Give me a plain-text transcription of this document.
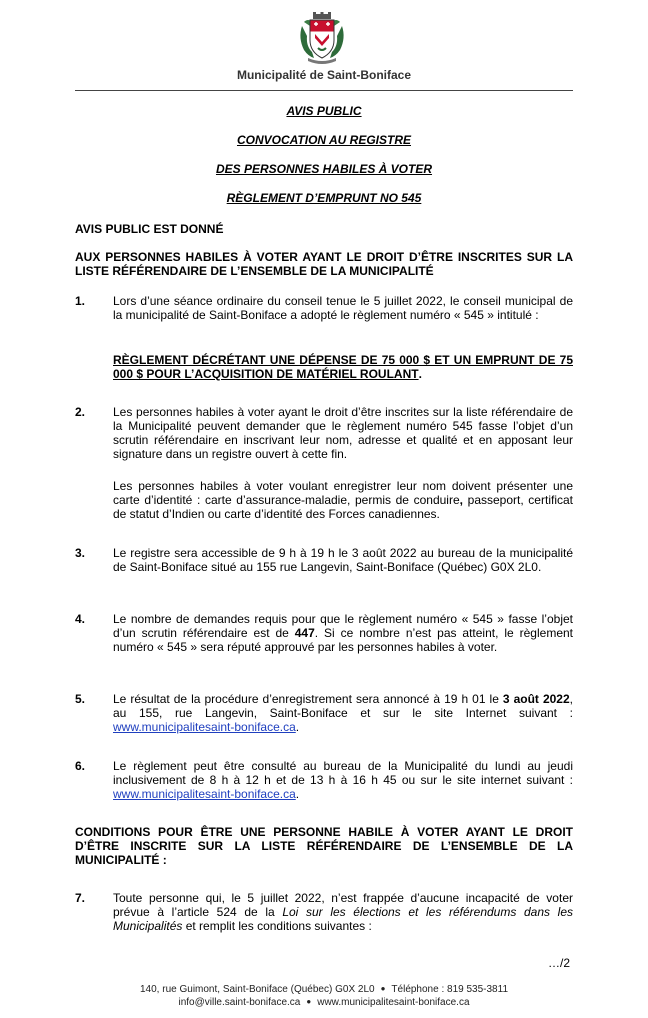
Municipalité de Saint-Boniface
AVIS PUBLIC
CONVOCATION AU REGISTRE
DES PERSONNES HABILES À VOTER
RÈGLEMENT D’EMPRUNT NO 545
AVIS PUBLIC EST DONNÉ
AUX PERSONNES HABILES À VOTER AYANT LE DROIT D’ÊTRE INSCRITES SUR LA LISTE RÉFÉRENDAIRE DE L’ENSEMBLE DE LA MUNICIPALITÉ
1. Lors d’une séance ordinaire du conseil tenue le 5 juillet 2022, le conseil municipal de la municipalité de Saint-Boniface a adopté le règlement numéro « 545 » intitulé :
RÈGLEMENT DÉCRÉTANT UNE DÉPENSE DE 75 000 $ ET UN EMPRUNT DE 75 000 $ POUR L’ACQUISITION DE MATÉRIEL ROULANT.
2. Les personnes habiles à voter ayant le droit d’être inscrites sur la liste référendaire de la Municipalité peuvent demander que le règlement numéro 545 fasse l’objet d’un scrutin référendaire en inscrivant leur nom, adresse et qualité et en apposant leur signature dans un registre ouvert à cette fin.
Les personnes habiles à voter voulant enregistrer leur nom doivent présenter une carte d’identité : carte d’assurance-maladie, permis de conduire, passeport, certificat de statut d’Indien ou carte d’identité des Forces canadiennes.
3. Le registre sera accessible de 9 h à 19 h le 3 août 2022 au bureau de la municipalité de Saint-Boniface situé au 155 rue Langevin, Saint-Boniface (Québec) G0X 2L0.
4. Le nombre de demandes requis pour que le règlement numéro « 545 » fasse l’objet d’un scrutin référendaire est de 447. Si ce nombre n’est pas atteint, le règlement numéro « 545 » sera réputé approuvé par les personnes habiles à voter.
5. Le résultat de la procédure d’enregistrement sera annoncé à 19 h 01 le 3 août 2022, au 155, rue Langevin, Saint-Boniface et sur le site Internet suivant : www.municipalitesaint-boniface.ca.
6. Le règlement peut être consulté au bureau de la Municipalité du lundi au jeudi inclusivement de 8 h à 12 h et de 13 h à 16 h 45 ou sur le site internet suivant : www.municipalitesaint-boniface.ca.
CONDITIONS POUR ÊTRE UNE PERSONNE HABILE À VOTER AYANT LE DROIT D’ÊTRE INSCRITE SUR LA LISTE RÉFÉRENDAIRE DE L’ENSEMBLE DE LA MUNICIPALITÉ :
7. Toute personne qui, le 5 juillet 2022, n’est frappée d’aucune incapacité de voter prévue à l’article 524 de la Loi sur les élections et les référendums dans les Municipalités et remplit les conditions suivantes :
…/2
140, rue Guimont, Saint-Boniface (Québec) G0X 2L0 ● Téléphone : 819 535-3811
info@ville.saint-boniface.ca ● www.municipalitesaint-boniface.ca
